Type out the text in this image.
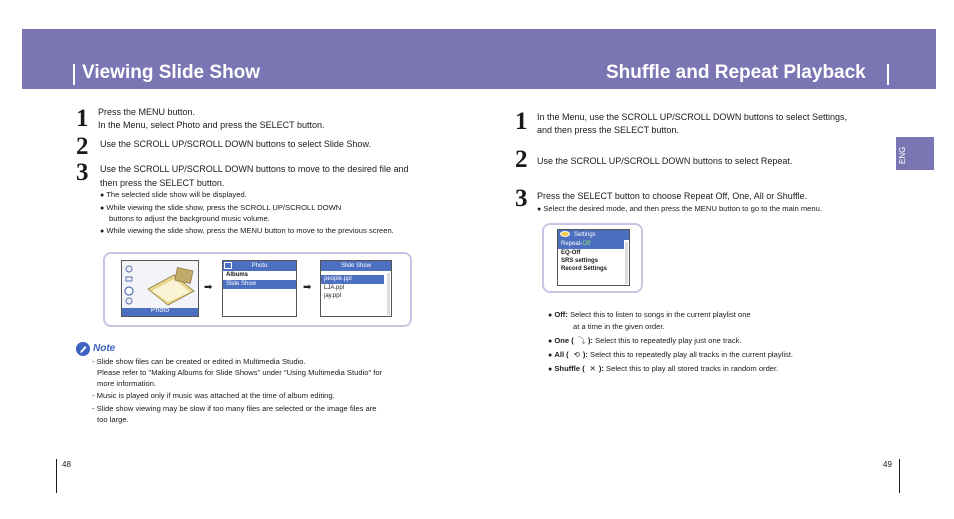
Viewing Slide Show	Shuffle and Repeat Playback
ENG
1 Press the MENU button.
In the Menu, select Photo and press the SELECT button.
2 Use the SCROLL UP/SCROLL DOWN buttons to select Slide Show.
3 Use the SCROLL UP/SCROLL DOWN buttons to move to the desired file and
then press the SELECT button.
● The selected slide show will be displayed.
● While viewing the slide show, press the SCROLL UP/SCROLL DOWN
buttons to adjust the background music volume.
● While viewing the slide show, press the MENU button to move to the previous screen.
Photo
➡
Photo
Albums
Slide Show	➡
Slide Show
people.ppl
LJA.ppl
jay.ppl
Note
- Slide show files can be created or edited in Multimedia Studio.
Please refer to "Making Albums for Slide Shows" under "Using Multimedia Studio" for
more information.
- Music is played only if music was attached at the time of album editing.
- Slide show viewing may be slow if too many files are selected or the image files are
too large.
48	49
1 In the Menu, use the SCROLL UP/SCROLL DOWN buttons to select Settings,
and then press the SELECT button.
2 Use the SCROLL UP/SCROLL DOWN buttons to select Repeat.
3 Press the SELECT button to choose Repeat Off, One, All or Shuffle.
● Select the desired mode, and then press the MENU button to go to the main menu.
Settings
Repeat-Off
EQ-Off
SRS settings
Record Settings
● Off: Select this to listen to songs in the current playlist one
at a time in the given order.
● One ( ⤵ ): Select this to repeatedly play just one track.
● All ( ⟲ ): Select this to repeatedly play all tracks in the current playlist.
● Shuffle ( ✕ ): Select this to play all stored tracks in random order.
